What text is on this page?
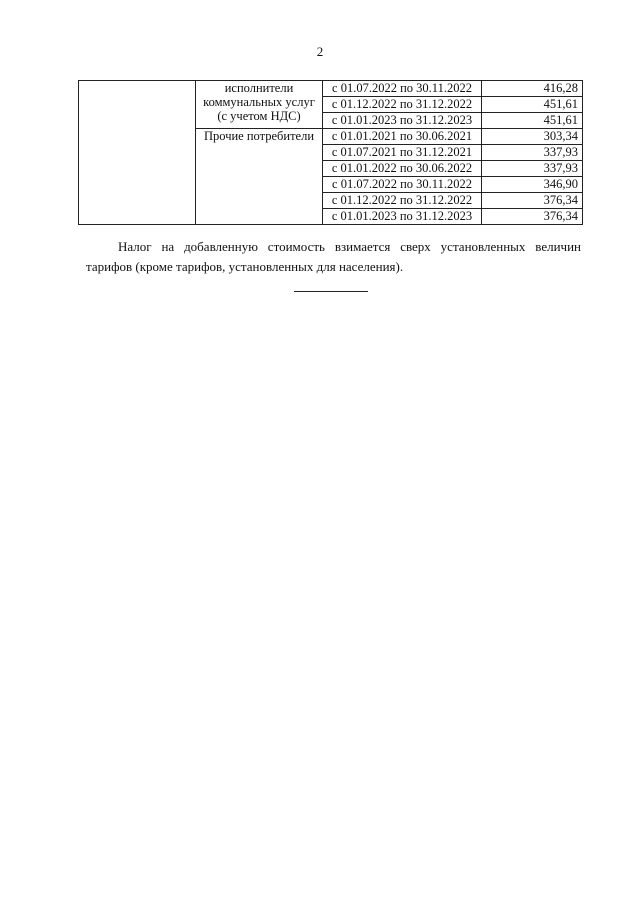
2

	исполнители
коммунальных услуг
(с учетом НДС)	с 01.07.2022 по 30.11.2022	416,28
		с 01.12.2022 по 31.12.2022	451,61
		с 01.01.2023 по 31.12.2023	451,61
	Прочие потребители	с 01.01.2021 по 30.06.2021	303,34
		с 01.07.2021 по 31.12.2021	337,93
		с 01.01.2022 по 30.06.2022	337,93
		с 01.07.2022 по 30.11.2022	346,90
		с 01.12.2022 по 31.12.2022	376,34
		с 01.01.2023 по 31.12.2023	376,34

Налог на добавленную стоимость взимается сверх установленных величин тарифов (кроме тарифов, установленных для населения).
